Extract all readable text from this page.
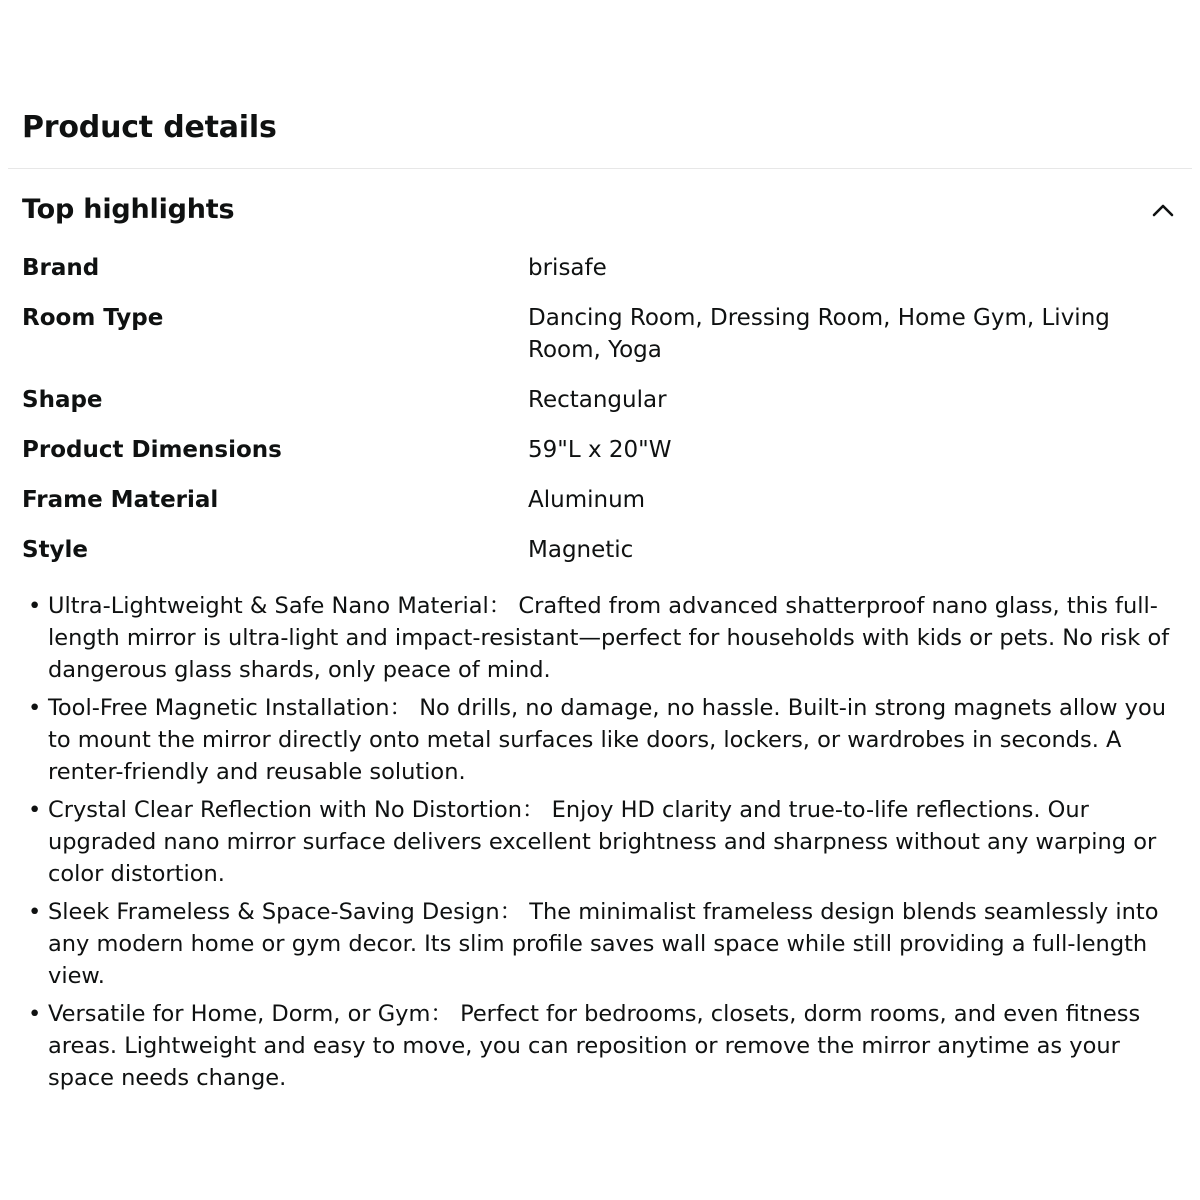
Product details
Top highlights
Brand	brisafe
Room Type	Dancing Room, Dressing Room, Home Gym, Living Room, Yoga
Shape	Rectangular
Product Dimensions	59"L x 20"W
Frame Material	Aluminum
Style	Magnetic
• Ultra-Lightweight & Safe Nano Material： Crafted from advanced shatterproof nano glass, this full-length mirror is ultra-light and impact-resistant—perfect for households with kids or pets. No risk of dangerous glass shards, only peace of mind.
• Tool-Free Magnetic Installation： No drills, no damage, no hassle. Built-in strong magnets allow you to mount the mirror directly onto metal surfaces like doors, lockers, or wardrobes in seconds. A renter-friendly and reusable solution.
• Crystal Clear Reflection with No Distortion： Enjoy HD clarity and true-to-life reflections. Our upgraded nano mirror surface delivers excellent brightness and sharpness without any warping or color distortion.
• Sleek Frameless & Space-Saving Design： The minimalist frameless design blends seamlessly into any modern home or gym decor. Its slim profile saves wall space while still providing a full-length view.
• Versatile for Home, Dorm, or Gym： Perfect for bedrooms, closets, dorm rooms, and even fitness areas. Lightweight and easy to move, you can reposition or remove the mirror anytime as your space needs change.
